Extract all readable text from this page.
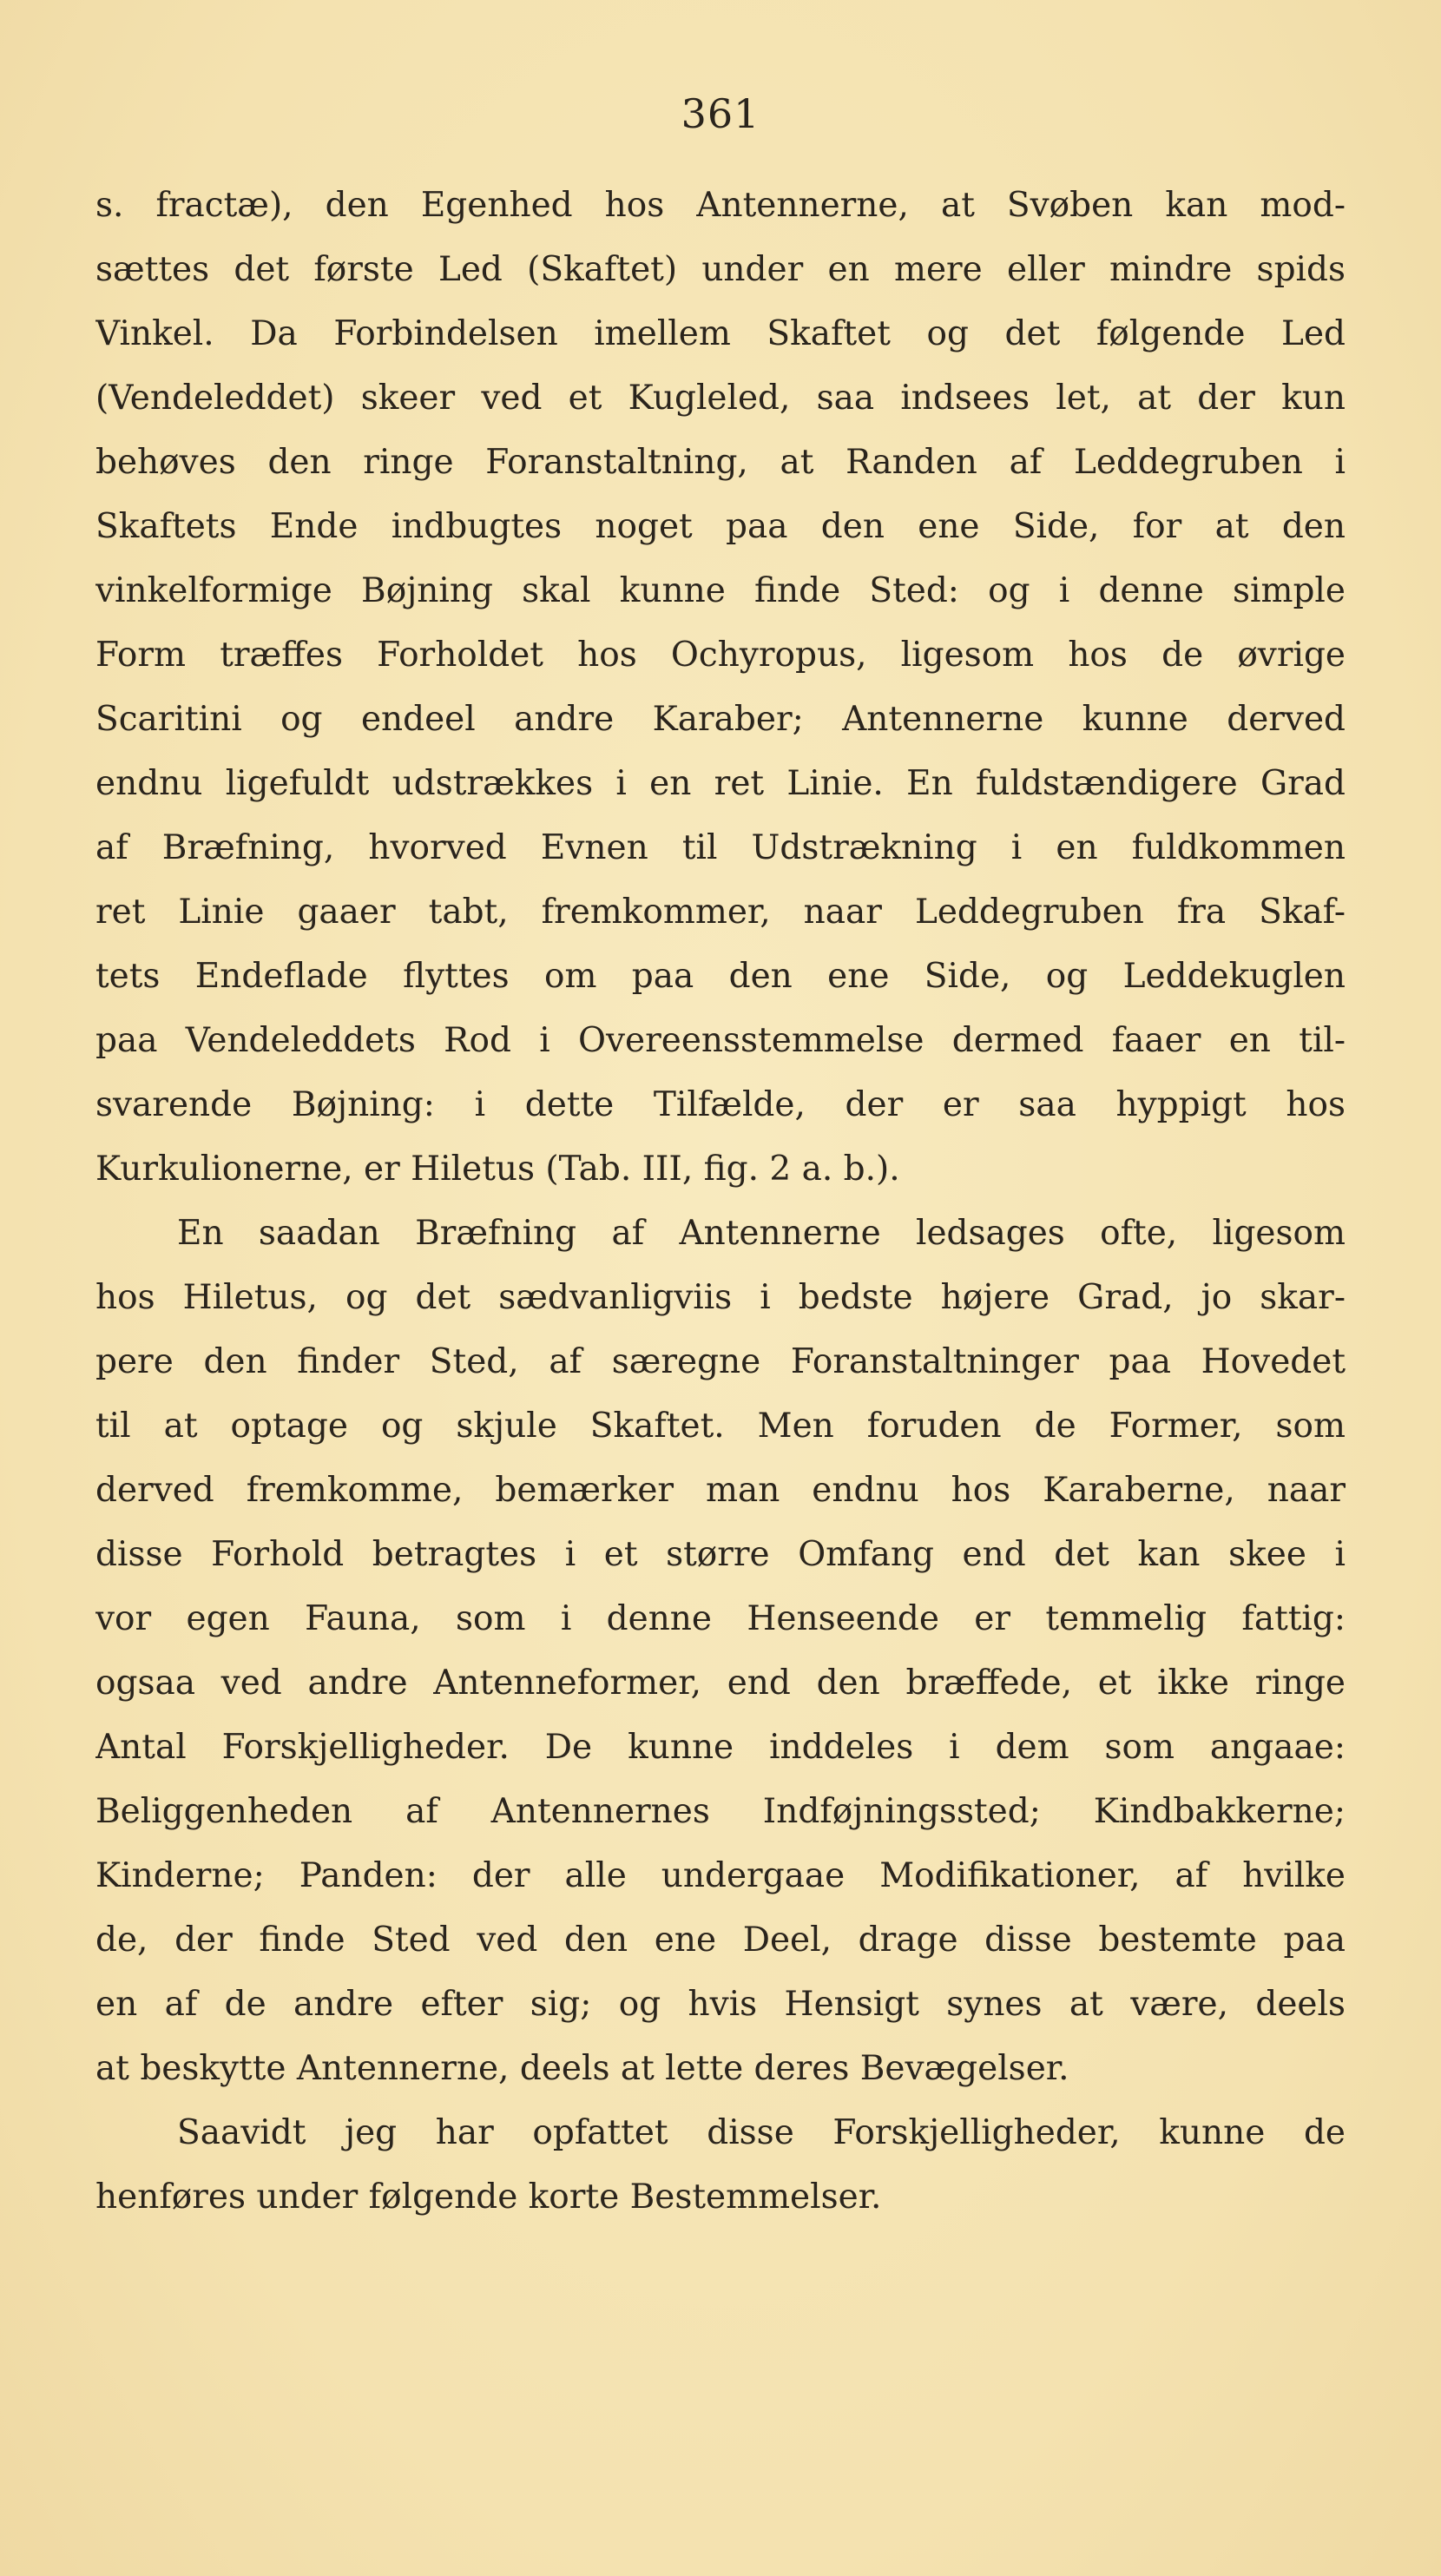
361
s. fractæ), den Egenhed hos Antennerne, at Svøben kan mod-
sættes det første Led (Skaftet) under en mere eller mindre spids
Vinkel. Da Forbindelsen imellem Skaftet og det følgende Led
(Vendeleddet) skeer ved et Kugleled, saa indsees let, at der kun
behøves den ringe Foranstaltning, at Randen af Leddegruben i
Skaftets Ende indbugtes noget paa den ene Side, for at den
vinkelformige Bøjning skal kunne finde Sted: og i denne simple
Form træffes Forholdet hos Ochyropus, ligesom hos de øvrige
Scaritini og endeel andre Karaber; Antennerne kunne derved
endnu ligefuldt udstrækkes i en ret Linie. En fuldstændigere Grad
af Bræfning, hvorved Evnen til Udstrækning i en fuldkommen
ret Linie gaaer tabt, fremkommer, naar Leddegruben fra Skaf-
tets Endeflade flyttes om paa den ene Side, og Leddekuglen
paa Vendeleddets Rod i Overeensstemmelse dermed faaer en til-
svarende Bøjning: i dette Tilfælde, der er saa hyppigt hos
Kurkulionerne, er Hiletus (Tab. III, fig. 2 a. b.).
En saadan Bræfning af Antennerne ledsages ofte, ligesom
hos Hiletus, og det sædvanligviis i bedste højere Grad, jo skar-
pere den finder Sted, af særegne Foranstaltninger paa Hovedet
til at optage og skjule Skaftet. Men foruden de Former, som
derved fremkomme, bemærker man endnu hos Karaberne, naar
disse Forhold betragtes i et større Omfang end det kan skee i
vor egen Fauna, som i denne Henseende er temmelig fattig:
ogsaa ved andre Antenneformer, end den bræffede, et ikke ringe
Antal Forskjelligheder. De kunne inddeles i dem som angaae:
Beliggenheden af Antennernes Indføjningssted; Kindbakkerne;
Kinderne; Panden: der alle undergaae Modifikationer, af hvilke
de, der finde Sted ved den ene Deel, drage disse bestemte paa
en af de andre efter sig; og hvis Hensigt synes at være, deels
at beskytte Antennerne, deels at lette deres Bevægelser.
Saavidt jeg har opfattet disse Forskjelligheder, kunne de
henføres under følgende korte Bestemmelser.
